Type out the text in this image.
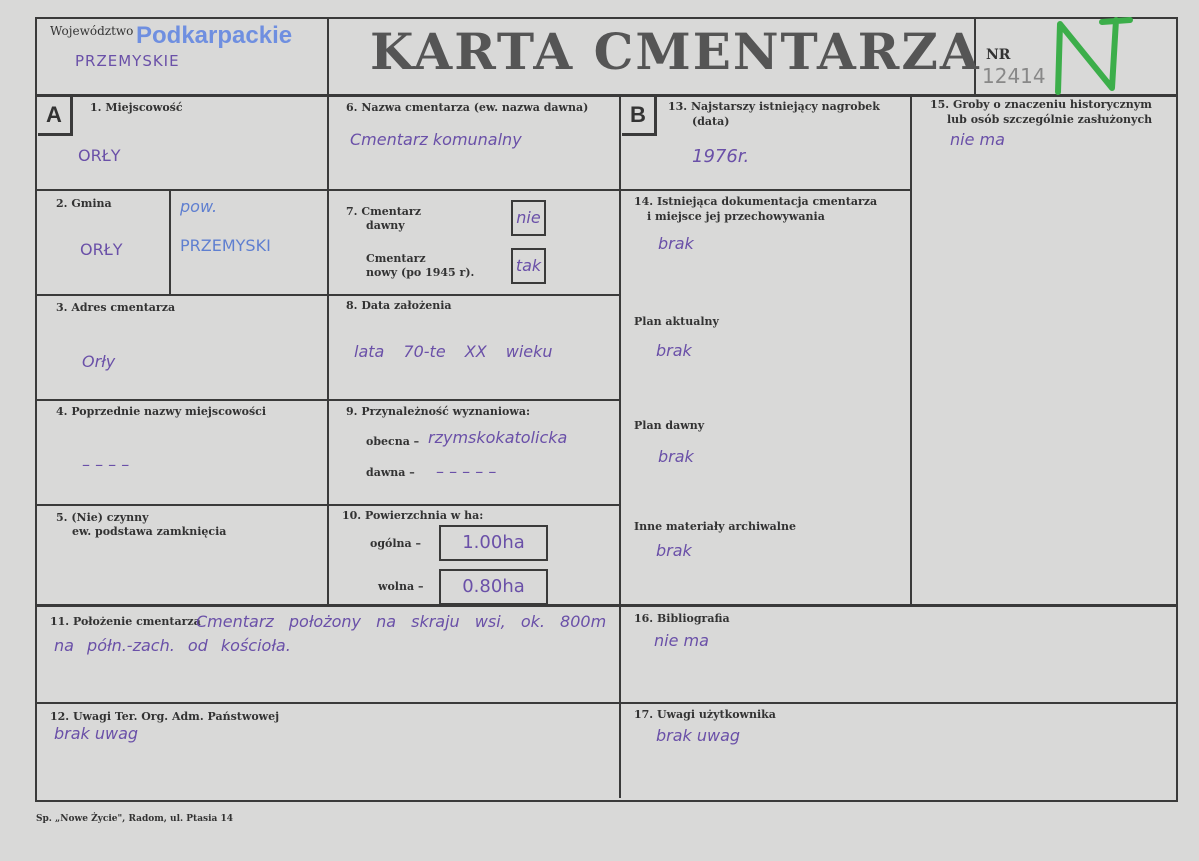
Województwo Podkarpackie
PRZEMYSKIE	KARTA CMENTARZA NR
12414
A	1. Miejscowość
ORŁY
2. Gmina
ORŁY
pow.
PRZEMYSKI
3. Adres cmentarza
Orły
4. Poprzednie nazwy miejscowości
– – – –
5. (Nie) czynny
ew. podstawa zamknięcia
6. Nazwa cmentarza (ew. nazwa dawna)
Cmentarz komunalny
7. Cmentarz
dawny	nie
Cmentarz
nowy (po 1945 r).	tak
8. Data założenia
lata 70-te XX wieku
9. Przynależność wyznaniowa:
obecna – rzymskokatolicka
dawna – – – – – –
10. Powierzchnia w ha:
ogólna –	1.00ha
wolna –	0.80ha
11. Położenie cmentarza
Cmentarz położony na skraju wsi, ok. 800m
na półn.-zach. od kościoła.
12. Uwagi Ter. Org. Adm. Państwowej
brak uwag
B	13. Najstarszy istniejący nagrobek
(data)
1976r.
14. Istniejąca dokumentacja cmentarza
i miejsce jej przechowywania
brak
Plan aktualny
brak
Plan dawny
brak
Inne materiały archiwalne
brak
15. Groby o znaczeniu historycznym
lub osób szczególnie zasłużonych
nie ma
16. Bibliografia
nie ma
17. Uwagi użytkownika
brak uwag
Sp. „Nowe Życie", Radom, ul. Ptasia 14
